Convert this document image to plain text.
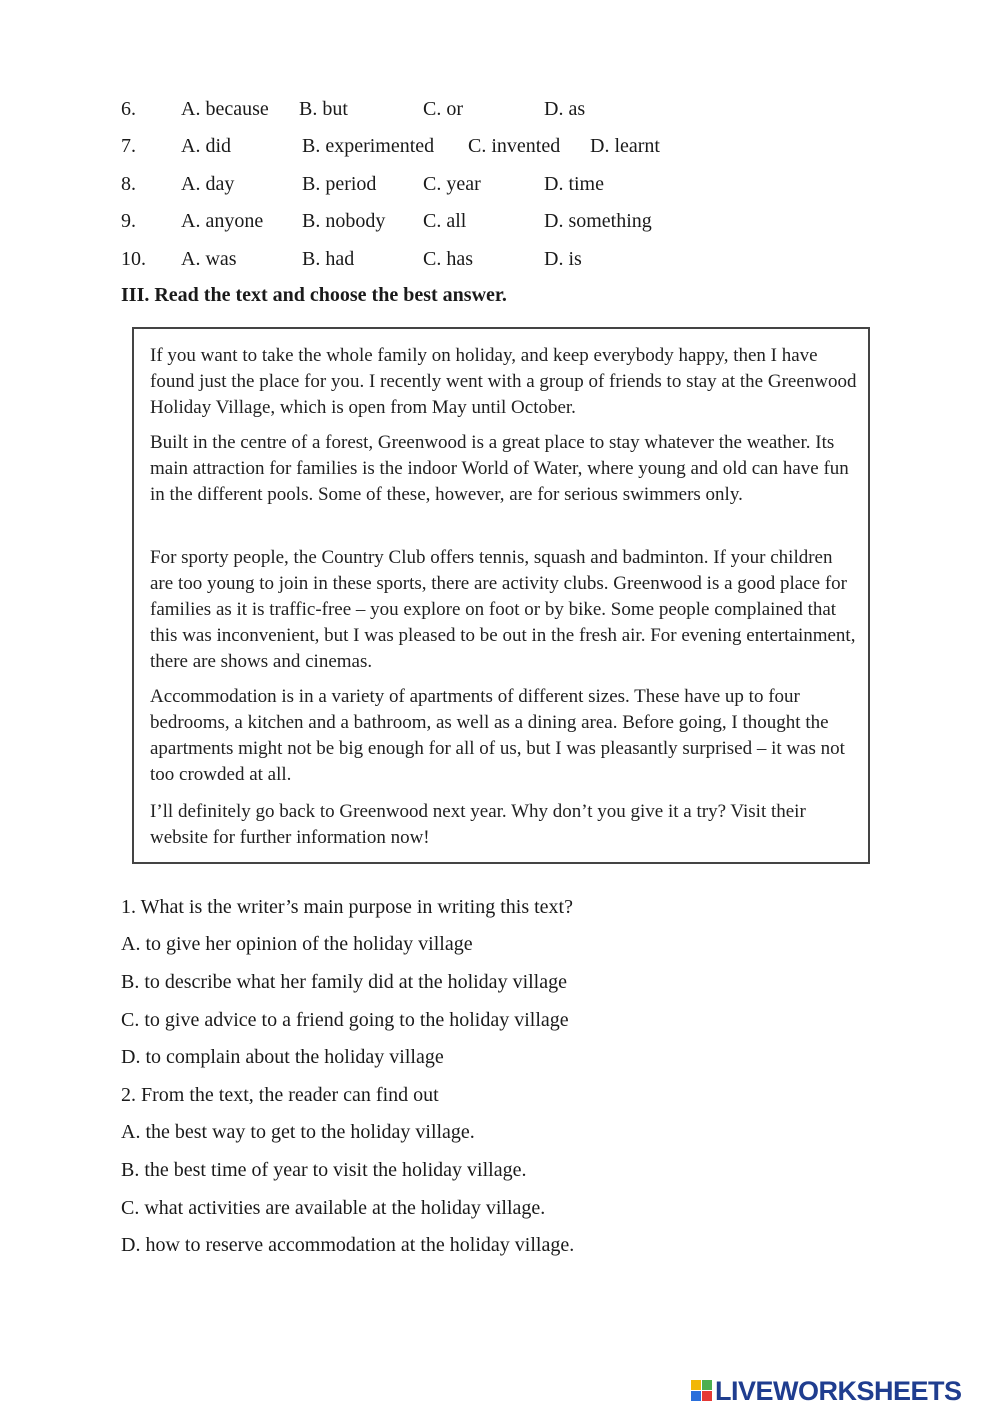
6. A. because B. but	C. or	D. as
7. A. did	B. experimented C. invented D. learnt
8. A. day	B. period C. year	D. time
9. A. anyone B. nobody C. all	D. something
10. A. was	B. had	C. has	D. is
III. Read the text and choose the best answer.

If you want to take the whole family on holiday, and keep everybody happy, then I have found just the place for you. I recently went with a group of friends to stay at the Greenwood Holiday Village, which is open from May until October.

Built in the centre of a forest, Greenwood is a great place to stay whatever the weather. Its main attraction for families is the indoor World of Water, where young and old can have fun in the different pools. Some of these, however, are for serious swimmers only.

For sporty people, the Country Club offers tennis, squash and badminton. If your children are too young to join in these sports, there are activity clubs. Greenwood is a good place for families as it is traffic-free – you explore on foot or by bike. Some people complained that this was inconvenient, but I was pleased to be out in the fresh air. For evening entertainment, there are shows and cinemas.

Accommodation is in a variety of apartments of different sizes. These have up to four bedrooms, a kitchen and a bathroom, as well as a dining area. Before going, I thought the apartments might not be big enough for all of us, but I was pleasantly surprised – it was not too crowded at all.

I’ll definitely go back to Greenwood next year. Why don’t you give it a try? Visit their website for further information now!

1. What is the writer’s main purpose in writing this text?
A. to give her opinion of the holiday village
B. to describe what her family did at the holiday village
C. to give advice to a friend going to the holiday village
D. to complain about the holiday village
2. From the text, the reader can find out
A. the best way to get to the holiday village.
B. the best time of year to visit the holiday village.
C. what activities are available at the holiday village.
D. how to reserve accommodation at the holiday village.
LIVEWORKSHEETS
